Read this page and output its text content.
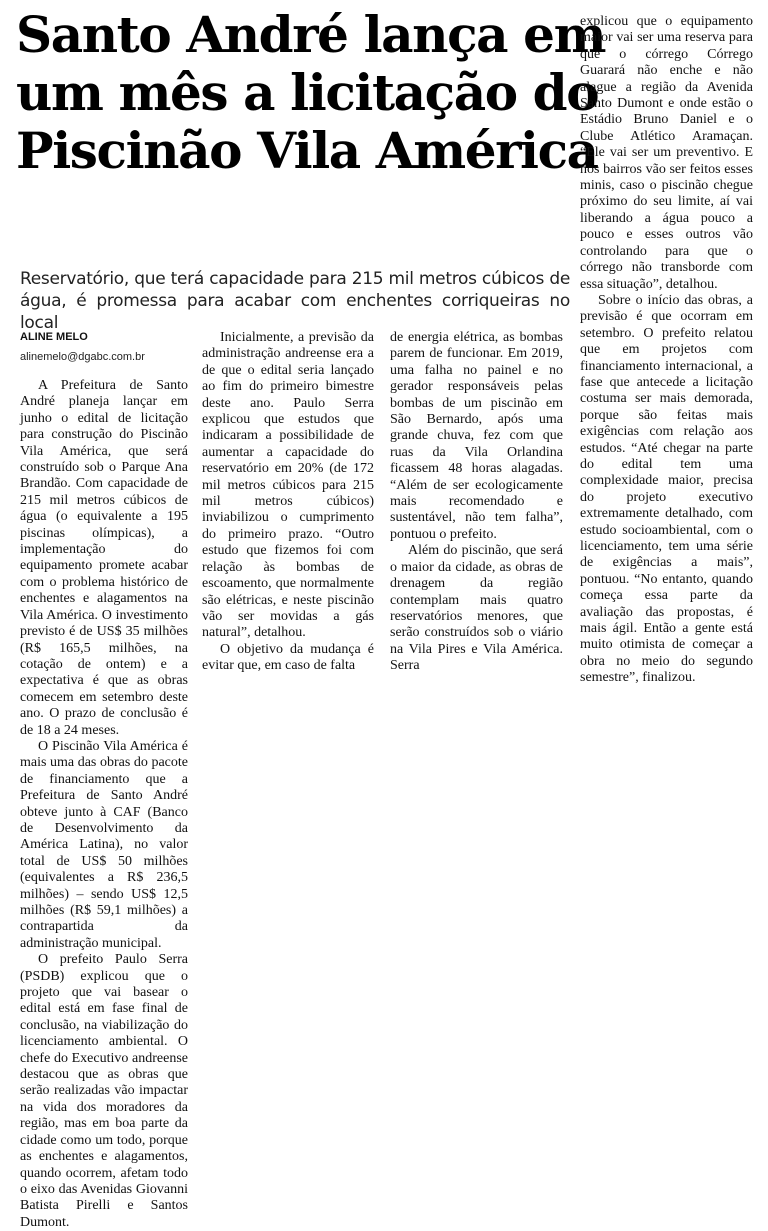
Santo André lança em
um mês a licitação do
Piscinão Vila América

Reservatório, que terá capacidade para 215 mil metros cúbicos de água, é promessa para acabar com enchentes corriqueiras no local

ALINE MELO
alinemelo@dgabc.com.br

A Prefeitura de Santo André planeja lançar em junho o edital de licitação para construção do Piscinão Vila América, que será construído sob o Parque Ana Brandão. Com capacidade de 215 mil metros cúbicos de água (o equivalente a 195 piscinas olímpicas), a implementação do equipamento promete acabar com o problema histórico de enchentes e alagamentos na Vila América. O investimento previsto é de US$ 35 milhões (R$ 165,5 milhões, na cotação de ontem) e a expectativa é que as obras comecem em setembro deste ano. O prazo de conclusão é de 18 a 24 meses.

O Piscinão Vila América é mais uma das obras do pacote de financiamento que a Prefeitura de Santo André obteve junto à CAF (Banco de Desenvolvimento da América Latina), no valor total de US$ 50 milhões (equivalentes a R$ 236,5 milhões) – sendo US$ 12,5 milhões (R$ 59,1 milhões) a contrapartida da administração municipal.

O prefeito Paulo Serra (PSDB) explicou que o projeto que vai basear o edital está em fase final de conclusão, na viabilização do licenciamento ambiental. O chefe do Executivo andreense destacou que as obras que serão realizadas vão impactar na vida dos moradores da região, mas em boa parte da cidade como um todo, porque as enchentes e alagamentos, quando ocorrem, afetam todo o eixo das Avenidas Giovanni Batista Pirelli e Santos Dumont.

Inicialmente, a previsão da administração andreense era a de que o edital seria lançado ao fim do primeiro bimestre deste ano. Paulo Serra explicou que estudos que indicaram a possibilidade de aumentar a capacidade do reservatório em 20% (de 172 mil metros cúbicos para 215 mil metros cúbicos) inviabilizou o cumprimento do primeiro prazo. “Outro estudo que fizemos foi com relação às bombas de escoamento, que normalmente são elétricas, e neste piscinão vão ser movidas a gás natural”, detalhou.

O objetivo da mudança é evitar que, em caso de falta

de energia elétrica, as bombas parem de funcionar. Em 2019, uma falha no painel e no gerador responsáveis pelas bombas de um piscinão em São Bernardo, após uma grande chuva, fez com que ruas da Vila Orlandina ficassem 48 horas alagadas. “Além de ser ecologicamente mais recomendado e sustentável, não tem falha”, pontuou o prefeito.

Além do piscinão, que será o maior da cidade, as obras de drenagem da região contemplam mais quatro reservatórios menores, que serão construídos sob o viário na Vila Pires e Vila América. Serra

explicou que o equipamento maior vai ser uma reserva para que o córrego Córrego Guarará não enche e não alague a região da Avenida Santo Dumont e onde estão o Estádio Bruno Daniel e o Clube Atlético Aramaçan. “Ele vai ser um preventivo. E nos bairros vão ser feitos esses minis, caso o piscinão chegue próximo do seu limite, aí vai liberando a água pouco a pouco e esses outros vão controlando para que o córrego não transborde com essa situação”, detalhou.

Sobre o início das obras, a previsão é que ocorram em setembro. O prefeito relatou que em projetos com financiamento internacional, a fase que antecede a licitação costuma ser mais demorada, porque são feitas mais exigências com relação aos estudos. “Até chegar na parte do edital tem uma complexidade maior, precisa do projeto executivo extremamente detalhado, com estudo socioambiental, com o licenciamento, tem uma série de exigências a mais”, pontuou. “No entanto, quando começa essa parte da avaliação das propostas, é mais ágil. Então a gente está muito otimista de começar a obra no meio do segundo semestre”, finalizou.
